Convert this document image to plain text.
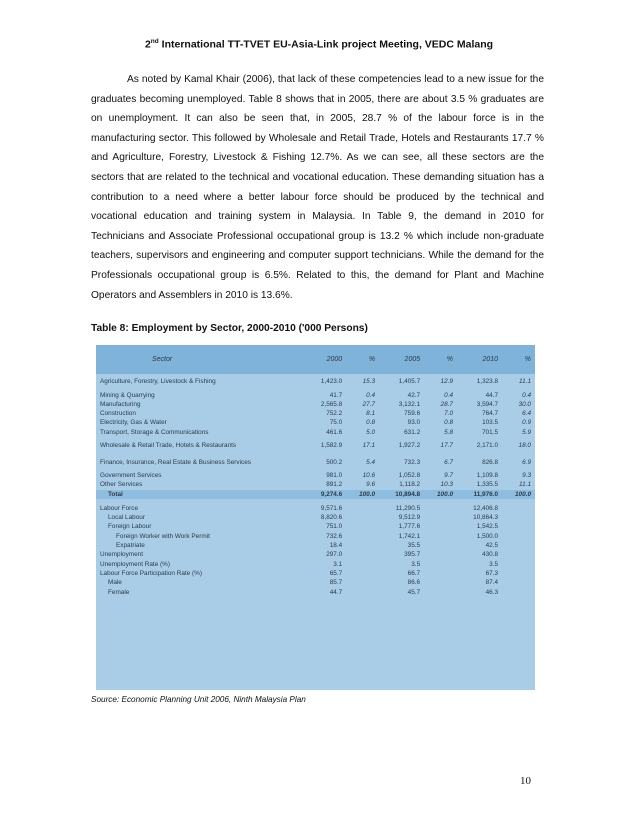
2nd International TT-TVET EU-Asia-Link project Meeting, VEDC Malang

As noted by Kamal Khair (2006), that lack of these competencies lead to a new issue for the graduates becoming unemployed. Table 8 shows that in 2005, there are about 3.5 % graduates are on unemployment. It can also be seen that, in 2005, 28.7 % of the labour force is in the manufacturing sector. This followed by Wholesale and Retail Trade, Hotels and Restaurants 17.7 % and Agriculture, Forestry, Livestock & Fishing 12.7%. As we can see, all these sectors are the sectors that are related to the technical and vocational education. These demanding situation has a contribution to a need where a better labour force should be produced by the technical and vocational education and training system in Malaysia. In Table 9, the demand in 2010 for Technicians and Associate Professional occupational group is 13.2 % which include non-graduate teachers, supervisors and engineering and computer support technicians. While the demand for the Professionals occupational group is 6.5%. Related to this, the demand for Plant and Machine Operators and Assemblers in 2010 is 13.6%.

Table 8: Employment by Sector, 2000-2010 ('000 Persons)
Sector	2000	%	2005	%	2010	%
Agriculture, Forestry, Livestock & Fishing	1,423.0	15.3	1,405.7	12.9	1,323.8	11.1
Mining & Quarrying	41.7	0.4	42.7	0.4	44.7	0.4
Manufacturing	2,565.8	27.7	3,132.1	28.7	3,594.7	30.0
Construction	752.2	8.1	759.6	7.0	764.7	6.4
Electricity, Gas & Water	75.0	0.8	93.0	0.8	103.5	0.9
Transport, Storage & Communications	461.6	5.0	631.2	5.8	701.5	5.9
Wholesale & Retail Trade, Hotels & Restaurants	1,582.9	17.1	1,927.2	17.7	2,171.0	18.0
Finance, Insurance, Real Estate & Business Services	500.2	5.4	732.3	6.7	826.8	6.9
Government Services	981.0	10.6	1,052.8	9.7	1,109.8	9.3
Other Services	891.2	9.6	1,118.2	10.3	1,335.5	11.1
Total	9,274.6	100.0	10,894.8	100.0	11,976.0	100.0

Labour Force	9,571.6		11,290.5		12,406.8	
Local Labour	8,820.6		9,512.9		10,864.3	
Foreign Labour	751.0		1,777.6		1,542.5	
Foreign Worker with Work Permit	732.6		1,742.1		1,500.0	
Expatriate	18.4		35.5		42.5	
Unemployment	297.0		395.7		430.8	
Unemployment Rate (%)	3.1		3.5		3.5	
Labour Force Participation Rate (%)	65.7		66.7		67.3	
Male	85.7		86.6		87.4	
Female	44.7		45.7		46.3	
Source: Economic Planning Unit 2006, Ninth Malaysia Plan
10
